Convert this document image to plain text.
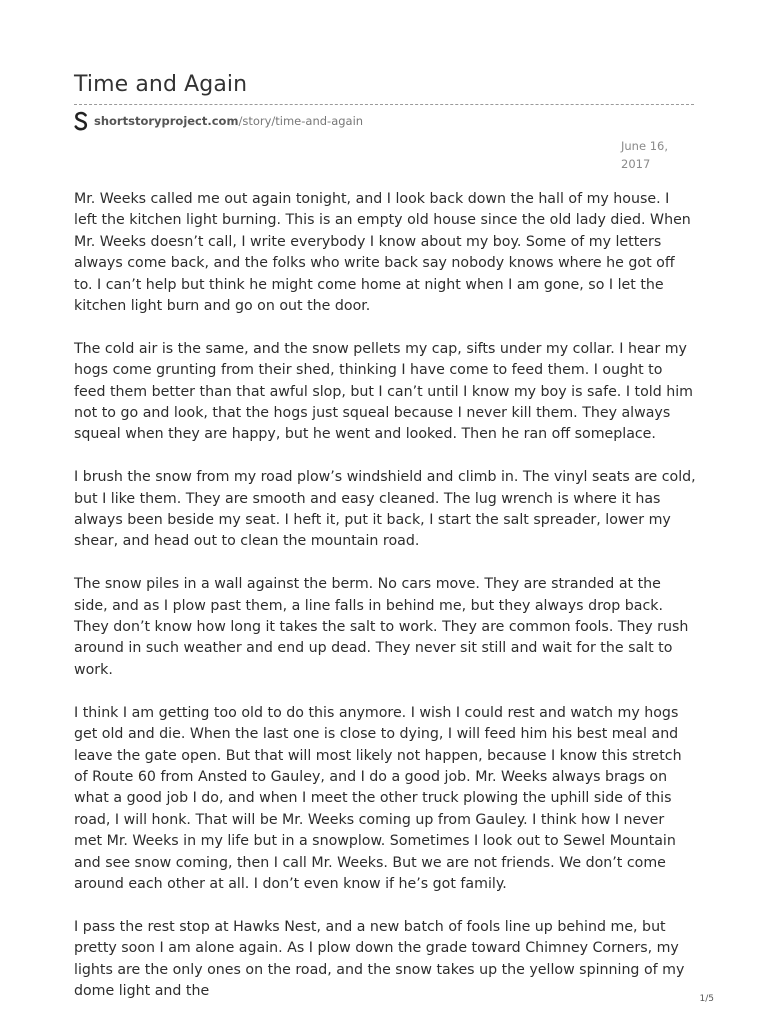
Time and Again
shortstoryproject.com /story/time-and-again
June 16, 2017

Mr. Weeks called me out again tonight, and I look back down the hall of my house. I left the kitchen light burning. This is an empty old house since the old lady died. When Mr. Weeks doesn’t call, I write everybody I know about my boy. Some of my letters always come back, and the folks who write back say nobody knows where he got off to. I can’t help but think he might come home at night when I am gone, so I let the kitchen light burn and go on out the door.

The cold air is the same, and the snow pellets my cap, sifts under my collar. I hear my hogs come grunting from their shed, thinking I have come to feed them. I ought to feed them better than that awful slop, but I can’t until I know my boy is safe. I told him not to go and look, that the hogs just squeal because I never kill them. They always squeal when they are happy, but he went and looked. Then he ran off someplace.

I brush the snow from my road plow’s windshield and climb in. The vinyl seats are cold, but I like them. They are smooth and easy cleaned. The lug wrench is where it has always been beside my seat. I heft it, put it back, I start the salt spreader, lower my shear, and head out to clean the mountain road.

The snow piles in a wall against the berm. No cars move. They are stranded at the side, and as I plow past them, a line falls in behind me, but they always drop back. They don’t know how long it takes the salt to work. They are common fools. They rush around in such weather and end up dead. They never sit still and wait for the salt to work.

I think I am getting too old to do this anymore. I wish I could rest and watch my hogs get old and die. When the last one is close to dying, I will feed him his best meal and leave the gate open. But that will most likely not happen, because I know this stretch of Route 60 from Ansted to Gauley, and I do a good job. Mr. Weeks always brags on what a good job I do, and when I meet the other truck plowing the uphill side of this road, I will honk. That will be Mr. Weeks coming up from Gauley. I think how I never met Mr. Weeks in my life but in a snowplow. Sometimes I look out to Sewel Mountain and see snow coming, then I call Mr. Weeks. But we are not friends. We don’t come around each other at all. I don’t even know if he’s got family.

I pass the rest stop at Hawks Nest, and a new batch of fools line up behind me, but pretty soon I am alone again. As I plow down the grade toward Chimney Corners, my lights are the only ones on the road, and the snow takes up the yellow spinning of my dome light and the

1/5
